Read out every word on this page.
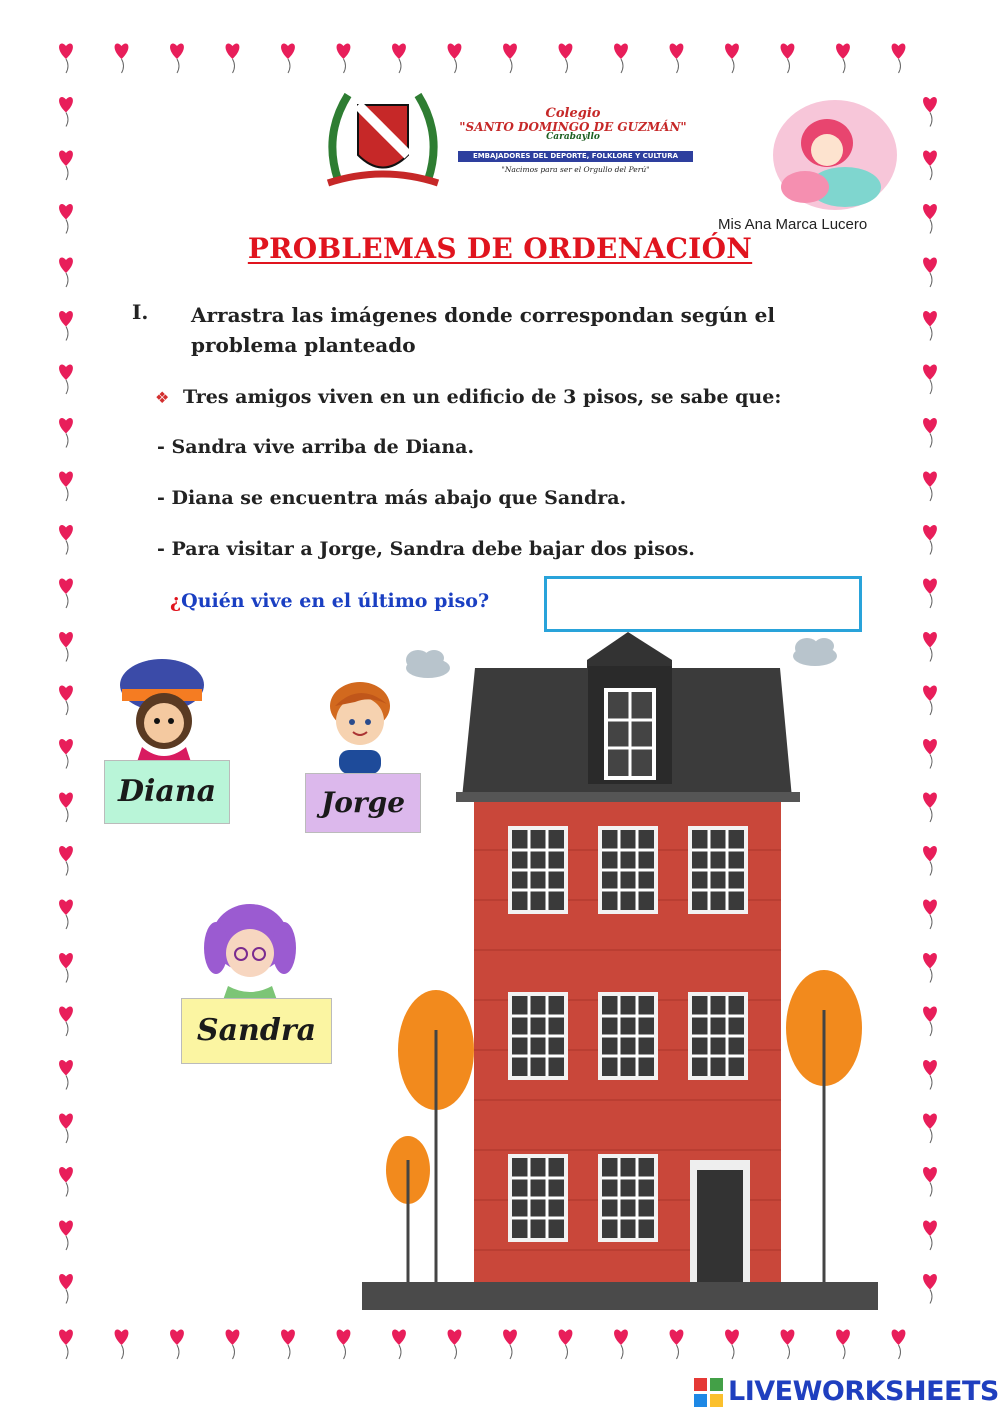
Colegio
"SANTO DOMINGO DE GUZMÁN"
Carabayllo
EMBAJADORES DEL DEPORTE, FOLKLORE Y CULTURA
"Nacimos para ser el Orgullo del Perú"
Mis Ana Marca Lucero
PROBLEMAS DE ORDENACIÓN
I. Arrastra las imágenes donde correspondan según el problema planteado
❖ Tres amigos viven en un edificio de 3 pisos, se sabe que:
- Sandra vive arriba de Diana.
- Diana se encuentra más abajo que Sandra.
- Para visitar a Jorge, Sandra debe bajar dos pisos.
¿Quién vive en el último piso?
Diana	Jorge
Sandra
LIVEWORKSHEETS
